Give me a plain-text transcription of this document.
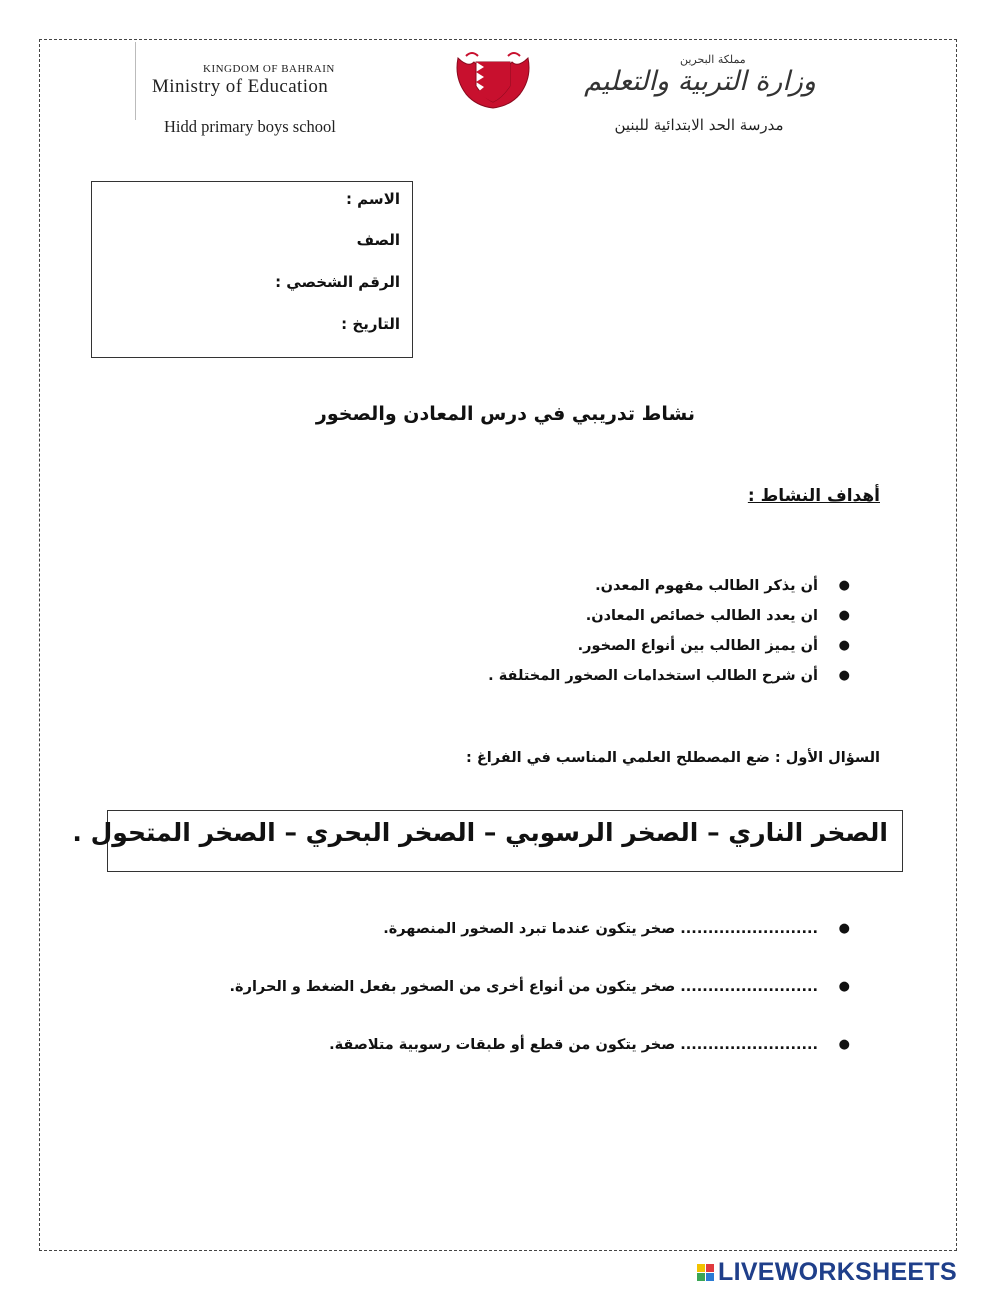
KINGDOM OF BAHRAIN
Ministry of Education
Hidd primary boys school
مملكة البحرين
وزارة التربية والتعليم
مدرسة الحد الابتدائية للبنين
الاسم :
الصف
الرقم الشخصي :
التاريخ :
نشاط تدريبي في درس المعادن والصخور
أهداف النشاط :
●
أن يذكر الطالب مفهوم المعدن.
●
ان يعدد الطالب خصائص المعادن.
●
أن يميز الطالب بين أنواع الصخور.
●
أن شرح الطالب استخدامات الصخور المختلفة .
السؤال الأول : ضع المصطلح العلمي المناسب في الفراغ :
الصخر الناري – الصخر الرسوبي – الصخر البحري – الصخر المتحول .
●
......................... صخر يتكون عندما تبرد الصخور المنصهرة.
●
......................... صخر يتكون من أنواع أخرى من الصخور بفعل الضغط و الحرارة.
●
......................... صخر يتكون من قطع أو طبقات رسوبية متلاصقة.
LIVEWORKSHEETS
